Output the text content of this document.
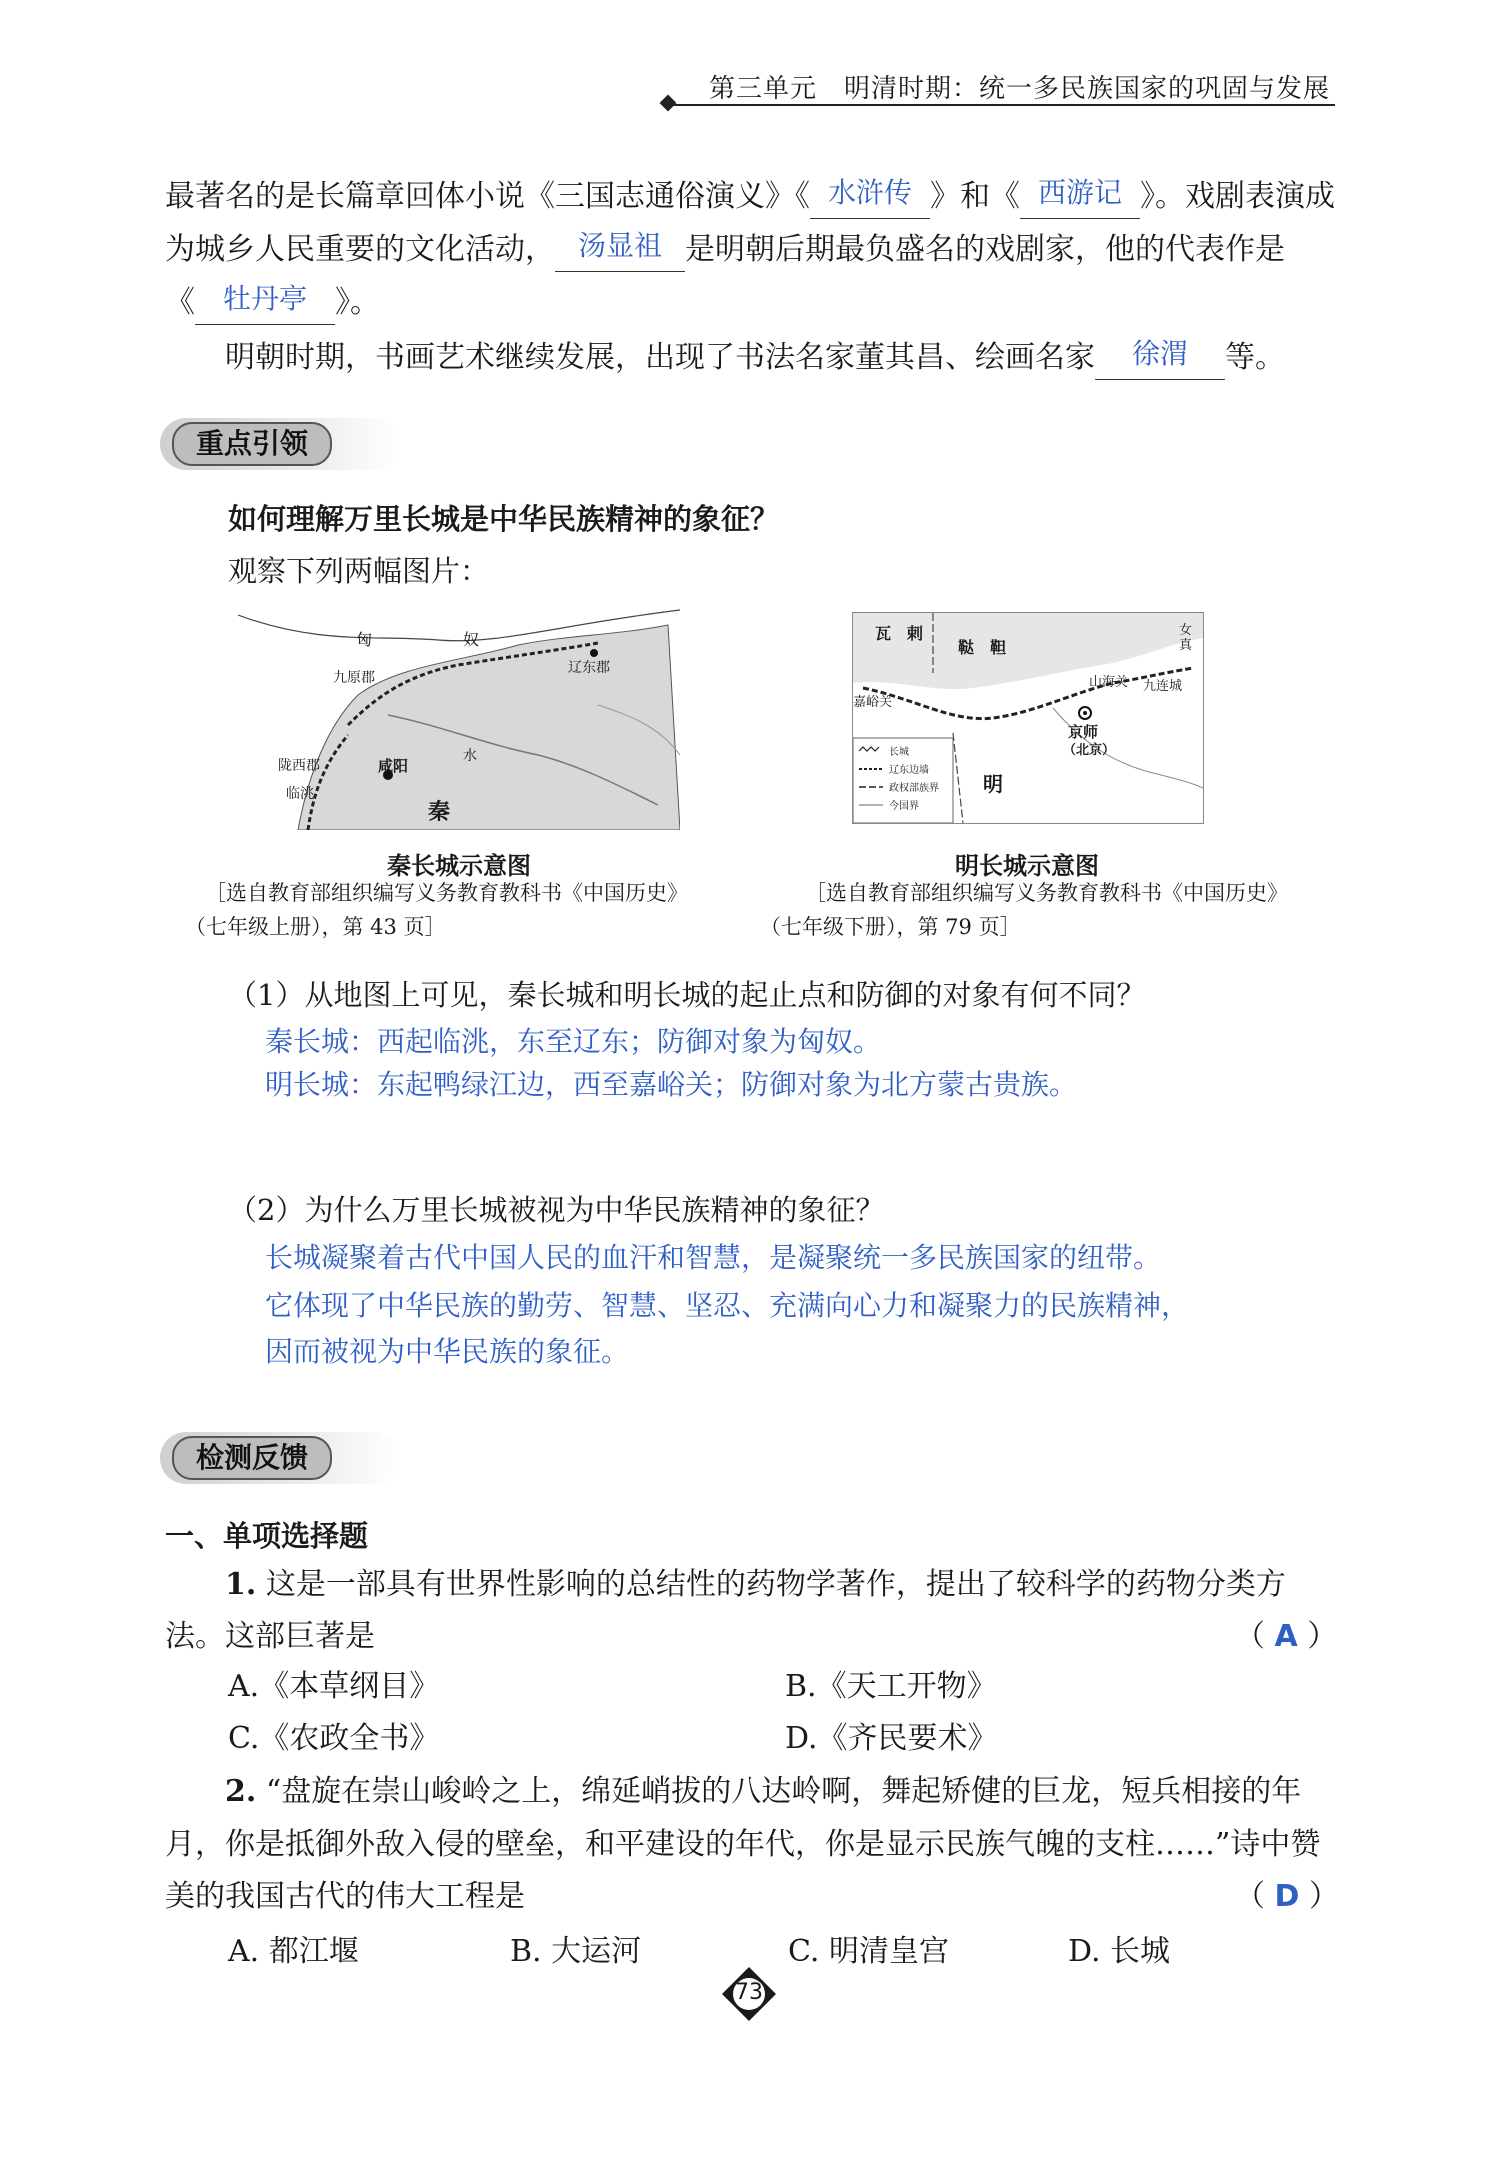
第三单元　明清时期：统一多民族国家的巩固与发展
最著名的是长篇章回体小说《三国志通俗演义》《 水浒传 》和《 西游记 》。戏剧表演成
为城乡人民重要的文化活动， 汤显祖 是明朝后期最负盛名的戏剧家，他的代表作是
《 牡丹亭 》。
明朝时期，书画艺术继续发展，出现了书法名家董其昌、绘画名家 徐渭 等。
重点引领
如何理解万里长城是中华民族精神的象征？
观察下列两幅图片：
匈	奴
九原郡
辽东郡
陇西郡	咸阳
临洮
秦
水
秦长城示意图
［选自教育部组织编写义务教育教科书《中国历史》
（七年级上册），第 43 页］
瓦　剌
鞑　靼
嘉峪关
山海关 九连城
女真
京师
（北京）
明
长城
辽东边墙
政权部族界
今国界
明长城示意图
［选自教育部组织编写义务教育教科书《中国历史》
（七年级下册），第 79 页］
（1）从地图上可见，秦长城和明长城的起止点和防御的对象有何不同？
秦长城：西起临洮，东至辽东；防御对象为匈奴。
明长城：东起鸭绿江边，西至嘉峪关；防御对象为北方蒙古贵族。
（2）为什么万里长城被视为中华民族精神的象征？
长城凝聚着古代中国人民的血汗和智慧，是凝聚统一多民族国家的纽带。
它体现了中华民族的勤劳、智慧、坚忍、充满向心力和凝聚力的民族精神，
因而被视为中华民族的象征。
检测反馈
一、单项选择题
1. 这是一部具有世界性影响的总结性的药物学著作，提出了较科学的药物分类方
法。这部巨著是	（ A ）
A.《本草纲目》	B.《天工开物》
C.《农政全书》	D.《齐民要术》
2. “盘旋在崇山峻岭之上，绵延峭拔的八达岭啊，舞起矫健的巨龙，短兵相接的年
月，你是抵御外敌入侵的壁垒，和平建设的年代，你是显示民族气魄的支柱……”诗中赞
美的我国古代的伟大工程是	（ D ）
A. 都江堰	B. 大运河	C. 明清皇宫	D. 长城
73
